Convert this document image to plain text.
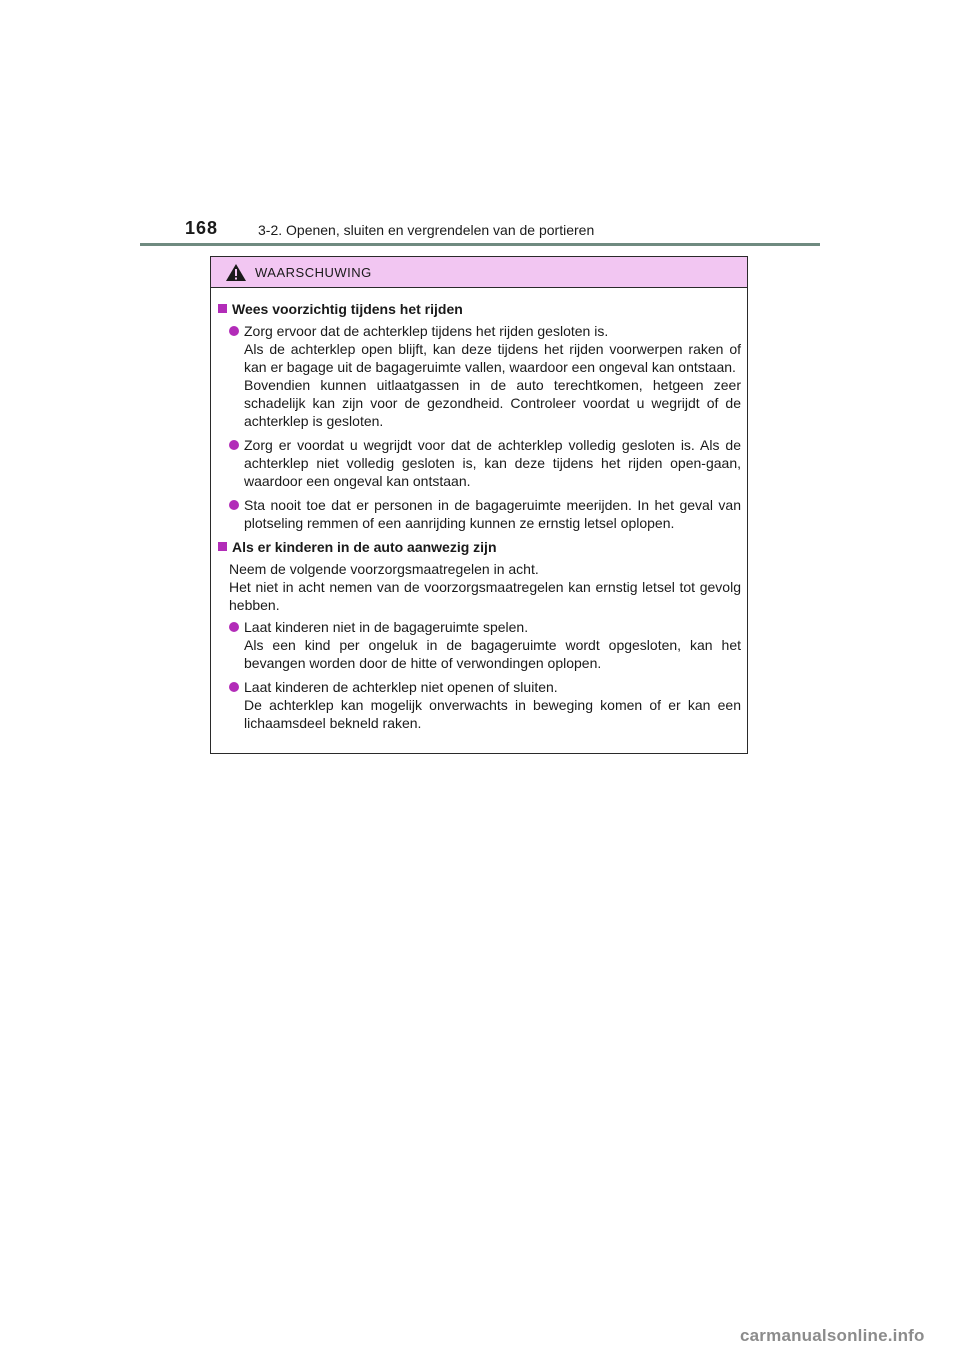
168	3-2. Openen, sluiten en vergrendelen van de portieren
WAARSCHUWING
Wees voorzichtig tijdens het rijden

Zorg ervoor dat de achterklep tijdens het rijden gesloten is.

Als de achterklep open blijft, kan deze tijdens het rijden voorwerpen raken of kan er bagage uit de bagageruimte vallen, waardoor een ongeval kan ontstaan.

Bovendien kunnen uitlaatgassen in de auto terechtkomen, hetgeen zeer schadelijk kan zijn voor de gezondheid. Controleer voordat u wegrijdt of de achterklep is gesloten.

Zorg er voordat u wegrijdt voor dat de achterklep volledig gesloten is. Als de achterklep niet volledig gesloten is, kan deze tijdens het rijden open-gaan, waardoor een ongeval kan ontstaan.

Sta nooit toe dat er personen in de bagageruimte meerijden. In het geval van plotseling remmen of een aanrijding kunnen ze ernstig letsel oplopen.

Als er kinderen in de auto aanwezig zijn
Neem de volgende voorzorgsmaatregelen in acht.
Het niet in acht nemen van de voorzorgsmaatregelen kan ernstig letsel tot gevolg hebben.

Laat kinderen niet in de bagageruimte spelen.

Als een kind per ongeluk in de bagageruimte wordt opgesloten, kan het bevangen worden door de hitte of verwondingen oplopen.

Laat kinderen de achterklep niet openen of sluiten.

De achterklep kan mogelijk onverwachts in beweging komen of er kan een lichaamsdeel bekneld raken.

carmanualsonline.info
